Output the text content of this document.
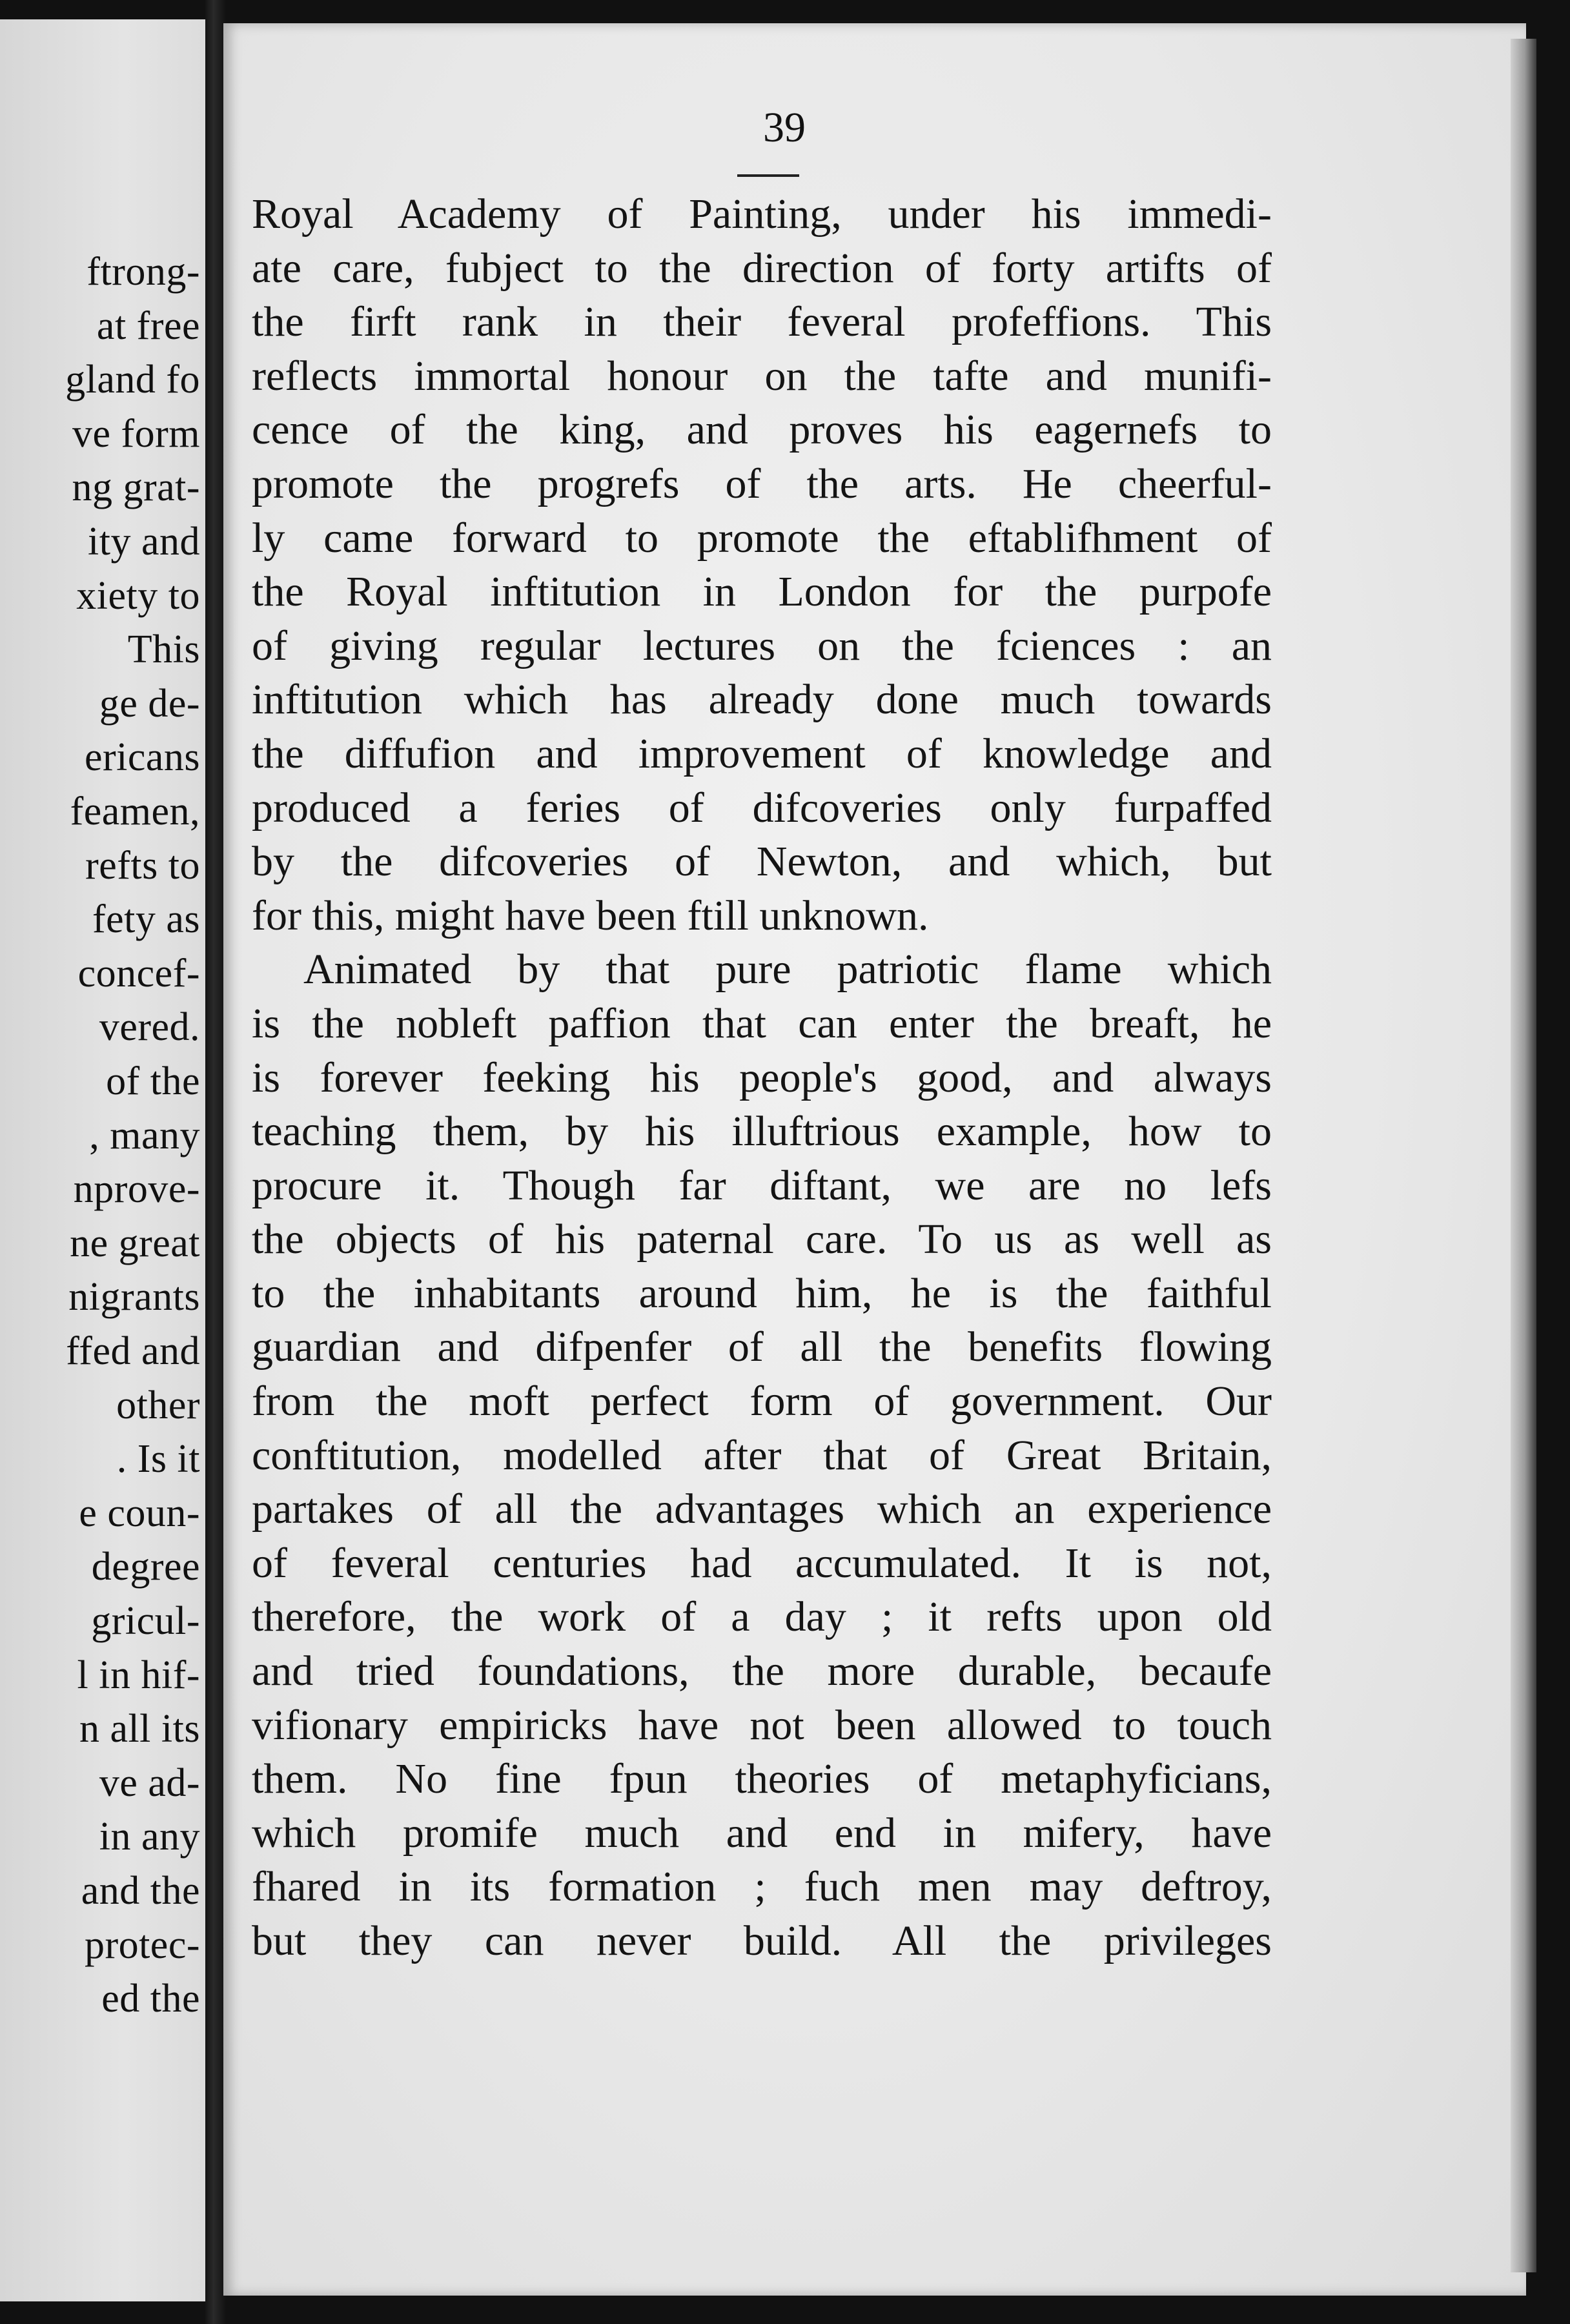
ftrong-
at free
gland fo
ve form
ng grat-
ity and
xiety to
This
ge de-
ericans
feamen,
refts to
fety as
concef-
vered.
of the
, many
nprove-
ne great
nigrants
ffed and
other
. Is it
e coun-
degree
gricul-
l in hif-
n all its
ve ad-
in any
and the
protec-
ed the
39
Royal Academy of Painting, under his immedi-
ate care, fubject to the direction of forty artifts of
the firft rank in their feveral profeffions. This
reflects immortal honour on the tafte and munifi-
cence of the king, and proves his eagernefs to
promote the progrefs of the arts. He cheerful-
ly came forward to promote the eftablifhment of
the Royal inftitution in London for the purpofe
of giving regular lectures on the fciences : an
inftitution which has already done much towards
the diffufion and improvement of knowledge and
produced a feries of difcoveries only furpaffed
by the difcoveries of Newton, and which, but
for this, might have been ftill unknown.
Animated by that pure patriotic flame which
is the nobleft paffion that can enter the breaft, he
is forever feeking his people's good, and always
teaching them, by his illuftrious example, how to
procure it. Though far diftant, we are no lefs
the objects of his paternal care. To us as well as
to the inhabitants around him, he is the faithful
guardian and difpenfer of all the benefits flowing
from the moft perfect form of government. Our
conftitution, modelled after that of Great Britain,
partakes of all the advantages which an experience
of feveral centuries had accumulated. It is not,
therefore, the work of a day ; it refts upon old
and tried foundations, the more durable, becaufe
vifionary empiricks have not been allowed to touch
them. No fine fpun theories of metaphyficians,
which promife much and end in mifery, have
fhared in its formation ; fuch men may deftroy,
but they can never build. All the privileges
